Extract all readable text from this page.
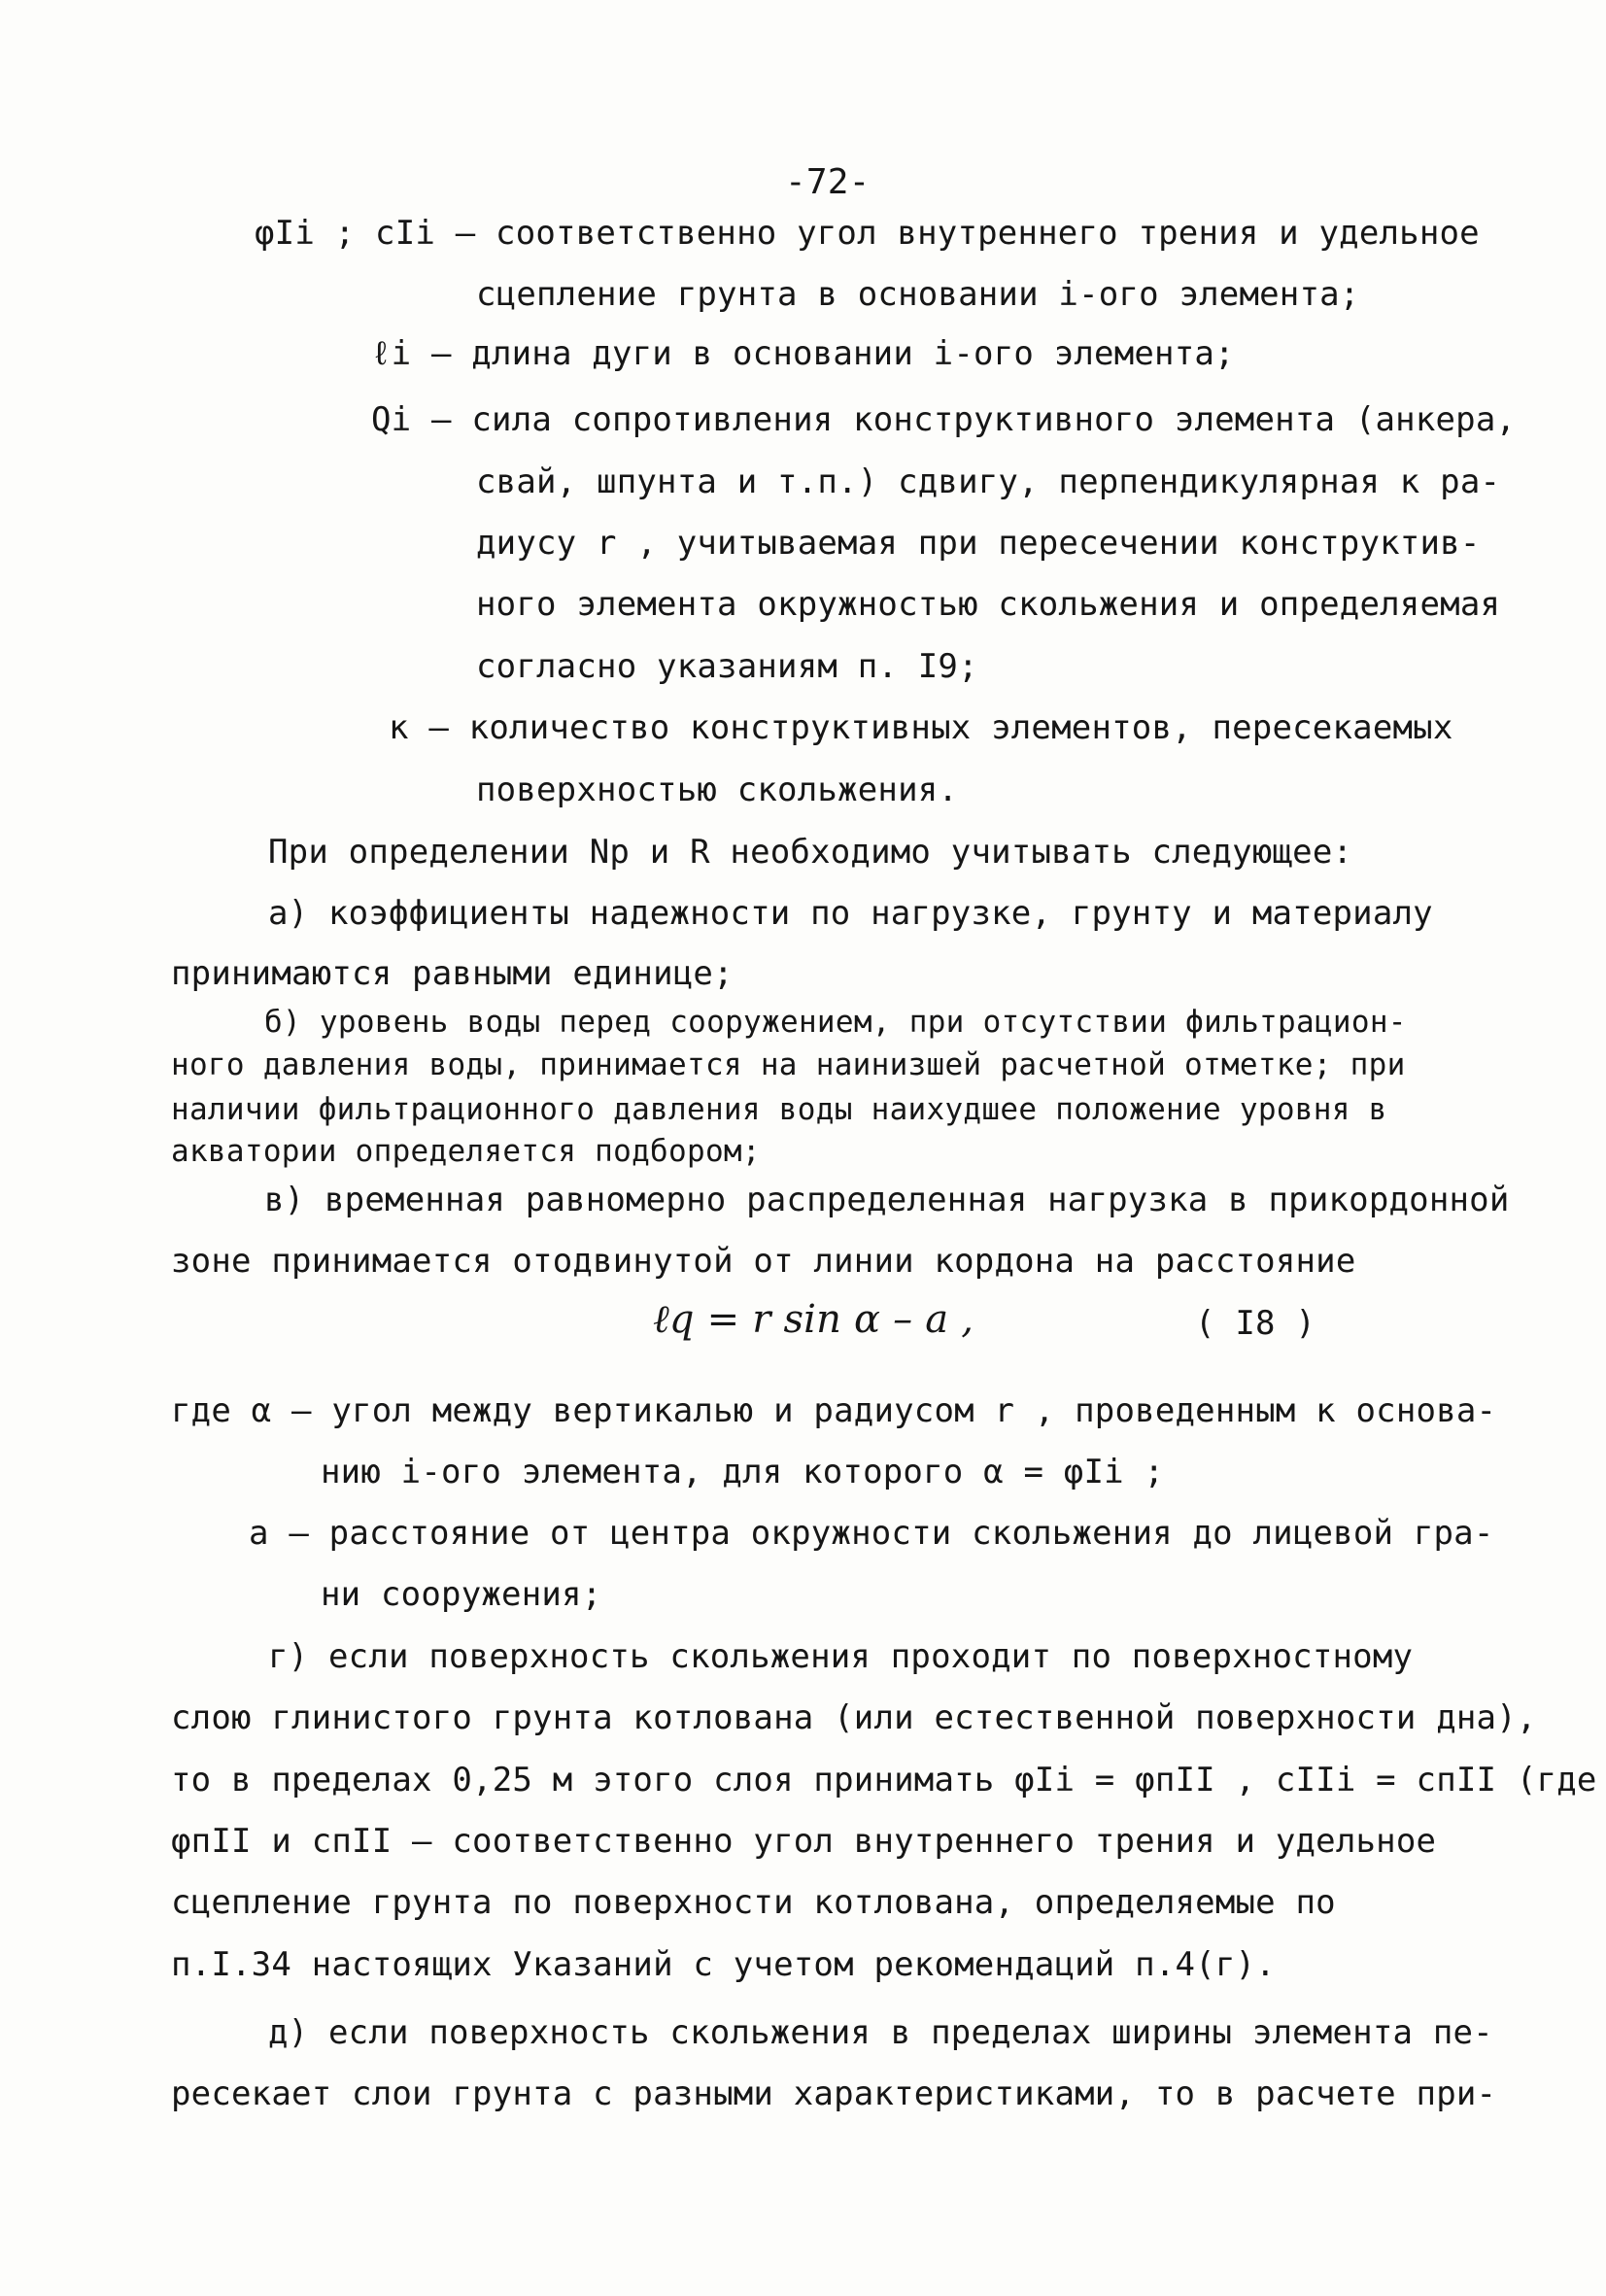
-72-
φIi ; cIi – соответственно угол внутреннего трения и удельное
сцепление грунта в основании i-ого элемента;
ℓi – длина дуги в основании i-ого элемента;
Qi – сила сопротивления конструктивного элемента (анкера,
свай, шпунта и т.п.) сдвигу, перпендикулярная к ра-
диусу r , учитываемая при пересечении конструктив-
ного элемента окружностью скольжения и определяемая
согласно указаниям п. I9;
к – количество конструктивных элементов, пересекаемых
поверхностью скольжения.
При определении Np и R необходимо учитывать следующее:
а) коэффициенты надежности по нагрузке, грунту и материалу
принимаются равными единице;
б) уровень воды перед сооружением, при отсутствии фильтрацион-
ного давления воды, принимается на наинизшей расчетной отметке; при
наличии фильтрационного давления воды наихудшее положение уровня в
акватории определяется подбором;
в) временная равномерно распределенная нагрузка в прикордонной
зоне принимается отодвинутой от линии кордона на расстояние
ℓq = r sin α – a ,	( I8 )
где α – угол между вертикалью и радиусом r , проведенным к основа-
нию i-ого элемента, для которого α = φIi ;
a – расстояние от центра окружности скольжения до лицевой гра-
ни сооружения;
г) если поверхность скольжения проходит по поверхностному
слою глинистого грунта котлована (или естественной поверхности дна),
то в пределах 0,25 м этого слоя принимать φIi = φпII , cIIi = cпII (где
φпII и cпII – соответственно угол внутреннего трения и удельное
сцепление грунта по поверхности котлована, определяемые по
п.I.34 настоящих Указаний с учетом рекомендаций п.4(г).
д) если поверхность скольжения в пределах ширины элемента пе-
ресекает слои грунта с разными характеристиками, то в расчете при-
